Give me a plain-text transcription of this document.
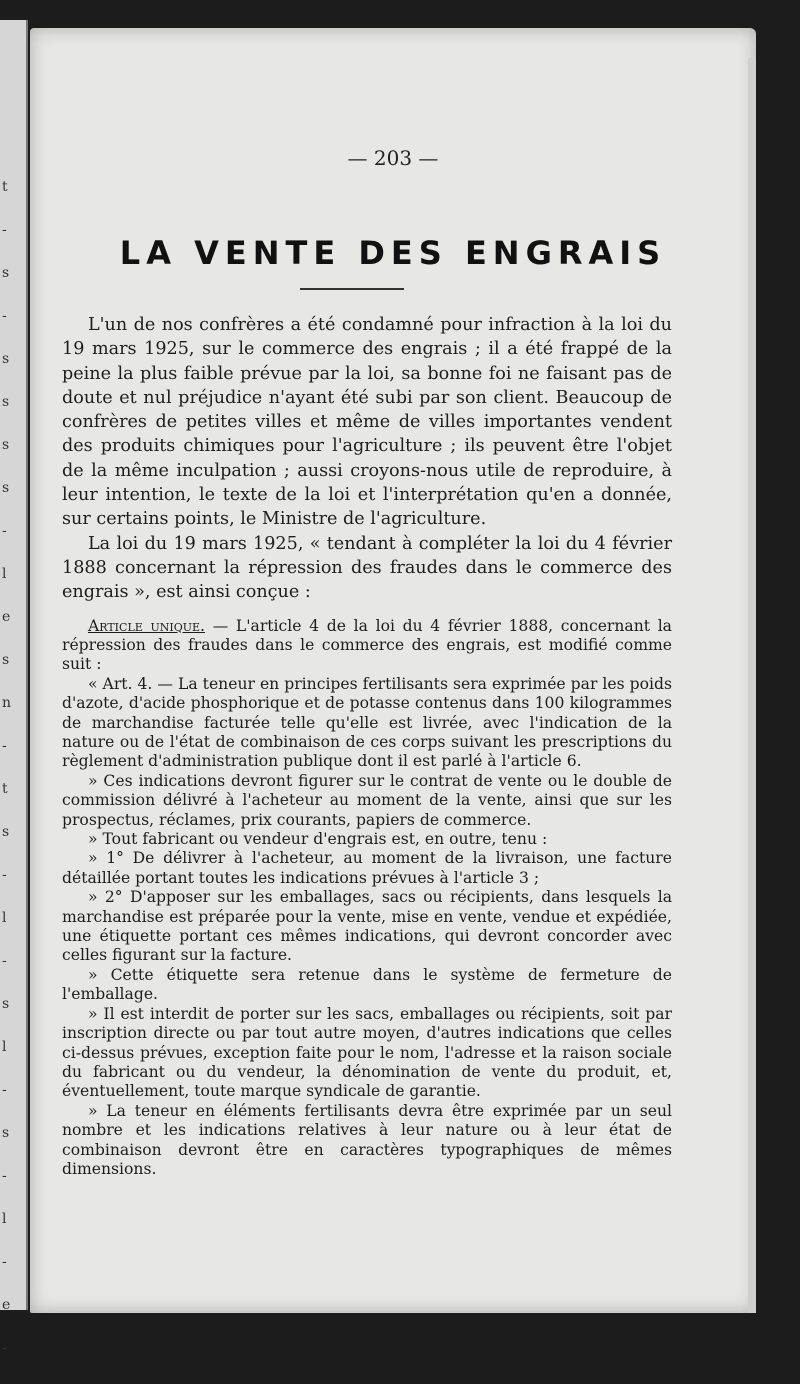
t
-
s
-
s
s
s
s
-
l
e
s
n
-
t
s
-
l
-
s
l
-
s
-
l
-
e
-
— 203 —
LA VENTE DES ENGRAIS

L'un de nos confrères a été condamné pour infraction à la loi du 19 mars 1925, sur le commerce des engrais ; il a été frappé de la peine la plus faible prévue par la loi, sa bonne foi ne faisant pas de doute et nul préjudice n'ayant été subi par son client. Beaucoup de confrères de petites villes et même de villes importantes vendent des produits chimiques pour l'agriculture ; ils peuvent être l'objet de la même inculpation ; aussi croyons-nous utile de reproduire, à leur intention, le texte de la loi et l'interprétation qu'en a donnée, sur certains points, le Ministre de l'agriculture.

La loi du 19 mars 1925, « tendant à compléter la loi du 4 février 1888 concernant la répression des fraudes dans le commerce des engrais », est ainsi conçue :

Article unique. — L'article 4 de la loi du 4 février 1888, concernant la répression des fraudes dans le commerce des engrais, est modifié comme suit :

« Art. 4. — La teneur en principes fertilisants sera exprimée par les poids d'azote, d'acide phosphorique et de potasse contenus dans 100 kilogrammes de marchandise facturée telle qu'elle est livrée, avec l'indication de la nature ou de l'état de combinaison de ces corps suivant les prescriptions du règlement d'administration publique dont il est parlé à l'article 6.

» Ces indications devront figurer sur le contrat de vente ou le double de commission délivré à l'acheteur au moment de la vente, ainsi que sur les prospectus, réclames, prix courants, papiers de commerce.

» Tout fabricant ou vendeur d'engrais est, en outre, tenu :

» 1° De délivrer à l'acheteur, au moment de la livraison, une facture détaillée portant toutes les indications prévues à l'article 3 ;

» 2° D'apposer sur les emballages, sacs ou récipients, dans lesquels la marchandise est préparée pour la vente, mise en vente, vendue et expédiée, une étiquette portant ces mêmes indications, qui devront concorder avec celles figurant sur la facture.

» Cette étiquette sera retenue dans le système de fermeture de l'emballage.

» Il est interdit de porter sur les sacs, emballages ou récipients, soit par inscription directe ou par tout autre moyen, d'autres indications que celles ci-dessus prévues, exception faite pour le nom, l'adresse et la raison sociale du fabricant ou du vendeur, la dénomination de vente du produit, et, éventuellement, toute marque syndicale de garantie.

» La teneur en éléments fertilisants devra être exprimée par un seul nombre et les indications relatives à leur nature ou à leur état de combinaison devront être en caractères typographiques de mêmes dimensions.
